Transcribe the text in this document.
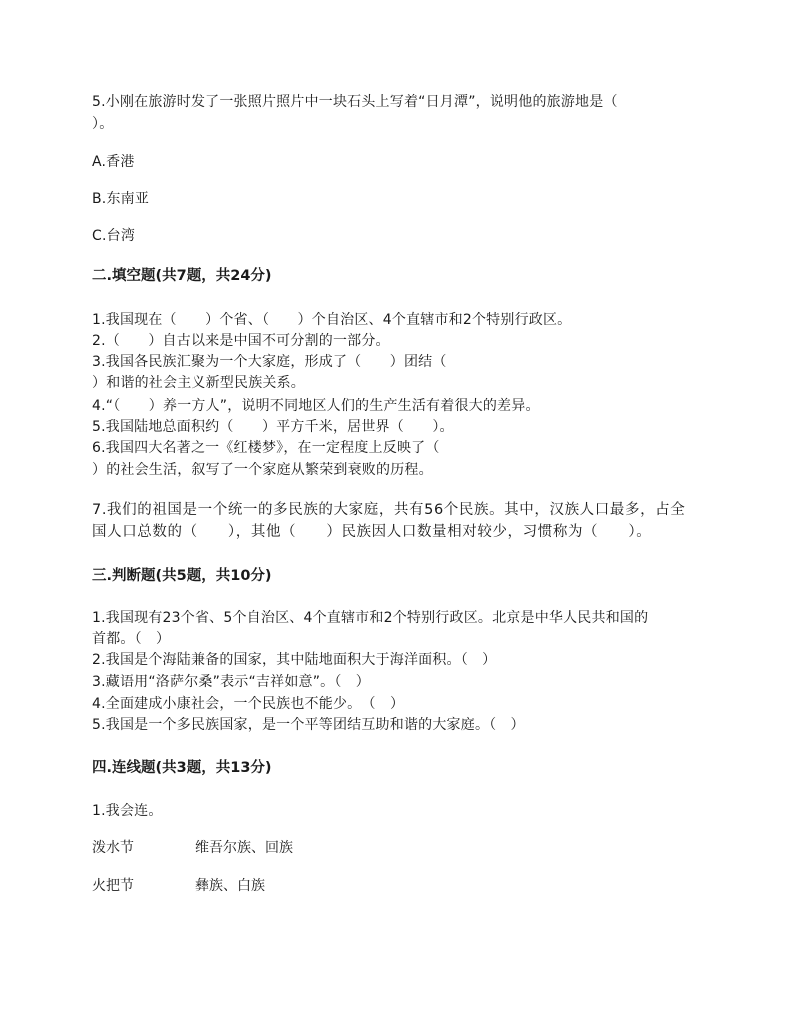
5.小刚在旅游时发了一张照片照片中一块石头上写着“日月潭”，说明他的旅游地是（
）。
A.香港
B.东南亚
C.台湾
二.填空题(共7题，共24分)
1.我国现在（　　）个省、（　　）个自治区、4个直辖市和2个特别行政区。
2.（　　）自古以来是中国不可分割的一部分。
3.我国各民族汇聚为一个大家庭，形成了（　　）团结（
）和谐的社会主义新型民族关系。
4.“（　　）养一方人”，说明不同地区人们的生产生活有着很大的差异。
5.我国陆地总面积约（　　）平方千米，居世界（　　）。
6.我国四大名著之一《红楼梦》，在一定程度上反映了（
）的社会生活，叙写了一个家庭从繁荣到衰败的历程。
7.我们的祖国是一个统一的多民族的大家庭，共有56个民族。其中，汉族人口最多，占全
国人口总数的（　　），其他（　　）民族因人口数量相对较少，习惯称为（　　）。
三.判断题(共5题，共10分)
1.我国现有23个省、5个自治区、4个直辖市和2个特别行政区。北京是中华人民共和国的
首都。（　）
2.我国是个海陆兼备的国家，其中陆地面积大于海洋面积。（　）
3.藏语用“洛萨尔桑”表示“吉祥如意”。（　）
4.全面建成小康社会，一个民族也不能少。　（　）
5.我国是一个多民族国家，是一个平等团结互助和谐的大家庭。（　）
四.连线题(共3题，共13分)
1.我会连。
泼水节	维吾尔族、回族
火把节	彝族、白族
